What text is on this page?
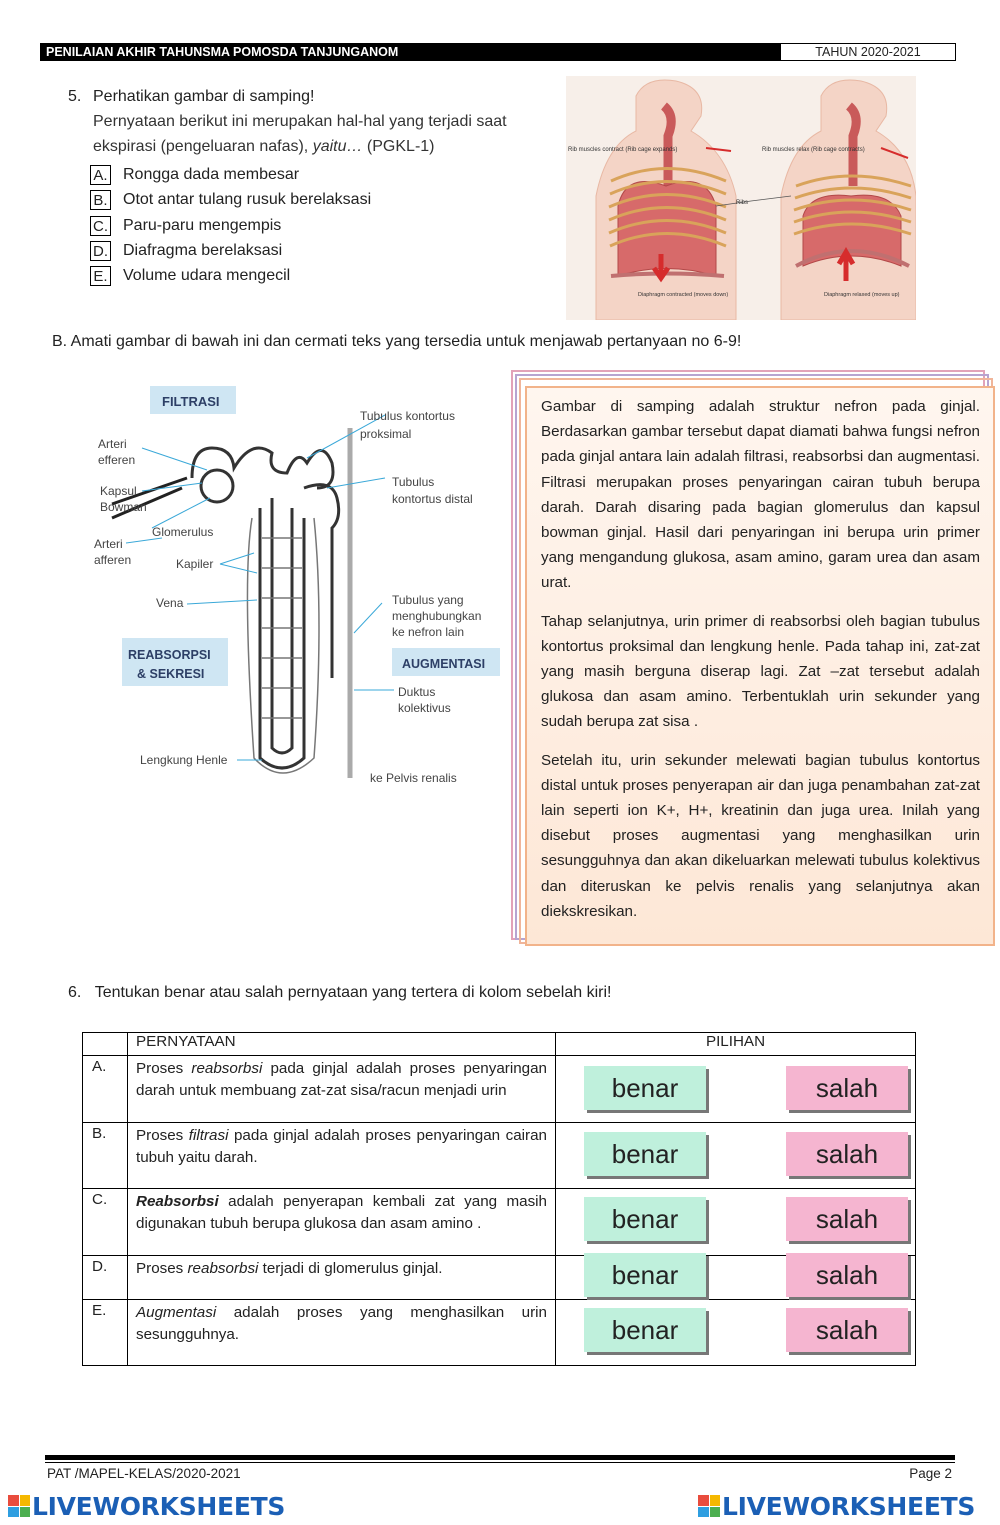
PENILAIAN AKHIR TAHUNSMA POMOSDA TANJUNGANOM	TAHUN 2020-2021
5. Perhatikan gambar di samping!
Pernyataan berikut ini merupakan hal-hal yang terjadi saat
ekspirasi (pengeluaran nafas), yaitu… (PGKL-1)
A. Rongga dada membesar
B. Otot antar tulang rusuk berelaksasi
C. Paru-paru mengempis
D. Diafragma berelaksasi
E. Volume udara mengecil
Rib muscles contract (Rib cage expands)	Rib muscles relax (Rib cage contracts)
Ribs
Diaphragm contracted (moves down)	Diaphragm relaxed (moves up)
B. Amati gambar di bawah ini dan cermati teks yang tersedia untuk menjawab pertanyaan no 6-9!
FILTRASI
REABSORPSI
& SEKRESI
AUGMENTASI
Arteri
efferen
Kapsul
Bowman
Glomerulus
Arteri
afferen	Kapiler
Vena
Lengkung Henle
Tubulus kontortus
proksimal
Tubulus
kontortus distal
Tubulus yang
menghubungkan
ke nefron lain
Duktus
kolektivus
ke Pelvis renalis

Gambar di samping adalah struktur nefron pada ginjal. Berdasarkan gambar tersebut dapat diamati bahwa fungsi nefron pada ginjal antara lain adalah filtrasi, reabsorbsi dan augmentasi. Filtrasi merupakan proses penyaringan cairan tubuh berupa darah. Darah disaring pada bagian glomerulus dan kapsul bowman ginjal. Hasil dari penyaringan ini berupa urin primer yang mengandung glukosa, asam amino, garam urea dan asam urat.

Tahap selanjutnya, urin primer di reabsorbsi oleh bagian tubulus kontortus proksimal dan lengkung henle. Pada tahap ini, zat-zat yang masih berguna diserap lagi. Zat –zat tersebut adalah glukosa dan asam amino. Terbentuklah urin sekunder yang sudah berupa zat sisa .

Setelah itu, urin sekunder melewati bagian tubulus kontortus distal untuk proses penyerapan air dan juga penambahan zat-zat lain seperti ion K+, H+, kreatinin dan juga urea. Inilah yang disebut proses augmentasi yang menghasilkan urin sesungguhnya dan akan dikeluarkan melewati tubulus kolektivus dan diteruskan ke pelvis renalis yang selanjutnya akan diekskresikan.

6. Tentukan benar atau salah pernyataan yang tertera di kolom sebelah kiri!
	PERNYATAAN	PILIHAN
A.	Proses reabsorbsi pada ginjal adalah proses penyaringan darah untuk membuang zat-zat sisa/racun menjadi urin	benar salah

B.	Proses filtrasi pada ginjal adalah proses penyaringan cairan tubuh yaitu darah.	benar salah

C.	Reabsorbsi adalah penyerapan kembali zat yang masih digunakan tubuh berupa glukosa dan asam amino .	benar salah

D.	Proses reabsorbsi terjadi di glomerulus ginjal.	benar salah

E.	Augmentasi adalah proses yang menghasilkan urin sesungguhnya.	benar salah
PAT /MAPEL-KELAS/2020-2021	Page 2
LIVEWORKSHEETS	LIVEWORKSHEETS
